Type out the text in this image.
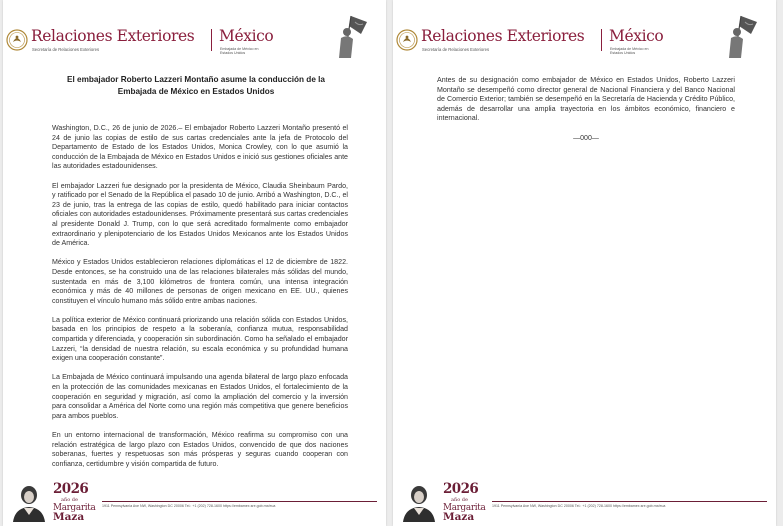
Relaciones Exteriores
Secretaría de Relaciones Exteriores
México
Embajada de México en Estados Unidos
El embajador Roberto Lazzeri Montaño asume la conducción de la
Embajada de México en Estados Unidos

Washington, D.C., 26 de junio de 2026.– El embajador Roberto Lazzeri Montaño presentó el 24 de junio las copias de estilo de sus cartas credenciales ante la jefa de Protocolo del Departamento de Estado de los Estados Unidos, Monica Crowley, con lo que asumió la conducción de la Embajada de México en Estados Unidos e inició sus gestiones oficiales ante las autoridades estadounidenses.

El embajador Lazzeri fue designado por la presidenta de México, Claudia Sheinbaum Pardo, y ratificado por el Senado de la República el pasado 10 de junio. Arribó a Washington, D.C., el 23 de junio, tras la entrega de las copias de estilo, quedó habilitado para iniciar contactos oficiales con autoridades estadounidenses. Próximamente presentará sus cartas credenciales al presidente Donald J. Trump, con lo que será acreditado formalmente como embajador extraordinario y plenipotenciario de los Estados Unidos Mexicanos ante los Estados Unidos de América.

México y Estados Unidos establecieron relaciones diplomáticas el 12 de diciembre de 1822. Desde entonces, se ha construido una de las relaciones bilaterales más sólidas del mundo, sustentada en más de 3,100 kilómetros de frontera común, una intensa integración económica y más de 40 millones de personas de origen mexicano en EE. UU., quienes constituyen el vínculo humano más sólido entre ambas naciones.

La política exterior de México continuará priorizando una relación sólida con Estados Unidos, basada en los principios de respeto a la soberanía, confianza mutua, responsabilidad compartida y diferenciada, y cooperación sin subordinación. Como ha señalado el embajador Lazzeri, “la densidad de nuestra relación, su escala económica y su profundidad humana exigen una cooperación constante”.

La Embajada de México continuará impulsando una agenda bilateral de largo plazo enfocada en la protección de las comunidades mexicanas en Estados Unidos, el fortalecimiento de la cooperación en seguridad y migración, así como la ampliación del comercio y la inversión para consolidar a América del Norte como una región más competitiva que genere beneficios para ambos pueblos.

En un entorno internacional de transformación, México reafirma su compromiso con una relación estratégica de largo plazo con Estados Unidos, convencido de que dos naciones soberanas, fuertes y respetuosas son más prósperas y seguras cuando cooperan con confianza, certidumbre y visión compartida de futuro.

2026
año de
Margarita
Maza
1911 Pennsylvania Ave NW, Washington DC 20006 Tel.: +1 (202) 728-1600 https://embamex.sre.gob.mx/eua
Relaciones Exteriores
Secretaría de Relaciones Exteriores
México
Embajada de México en Estados Unidos

Antes de su designación como embajador de México en Estados Unidos, Roberto Lazzeri Montaño se desempeñó como director general de Nacional Financiera y del Banco Nacional de Comercio Exterior; también se desempeñó en la Secretaría de Hacienda y Crédito Público, además de desarrollar una amplia trayectoria en los ámbitos económico, financiero e internacional.

—000—
2026
año de
Margarita
Maza
1911 Pennsylvania Ave NW, Washington DC 20006 Tel.: +1 (202) 728-1600 https://embamex.sre.gob.mx/eua
